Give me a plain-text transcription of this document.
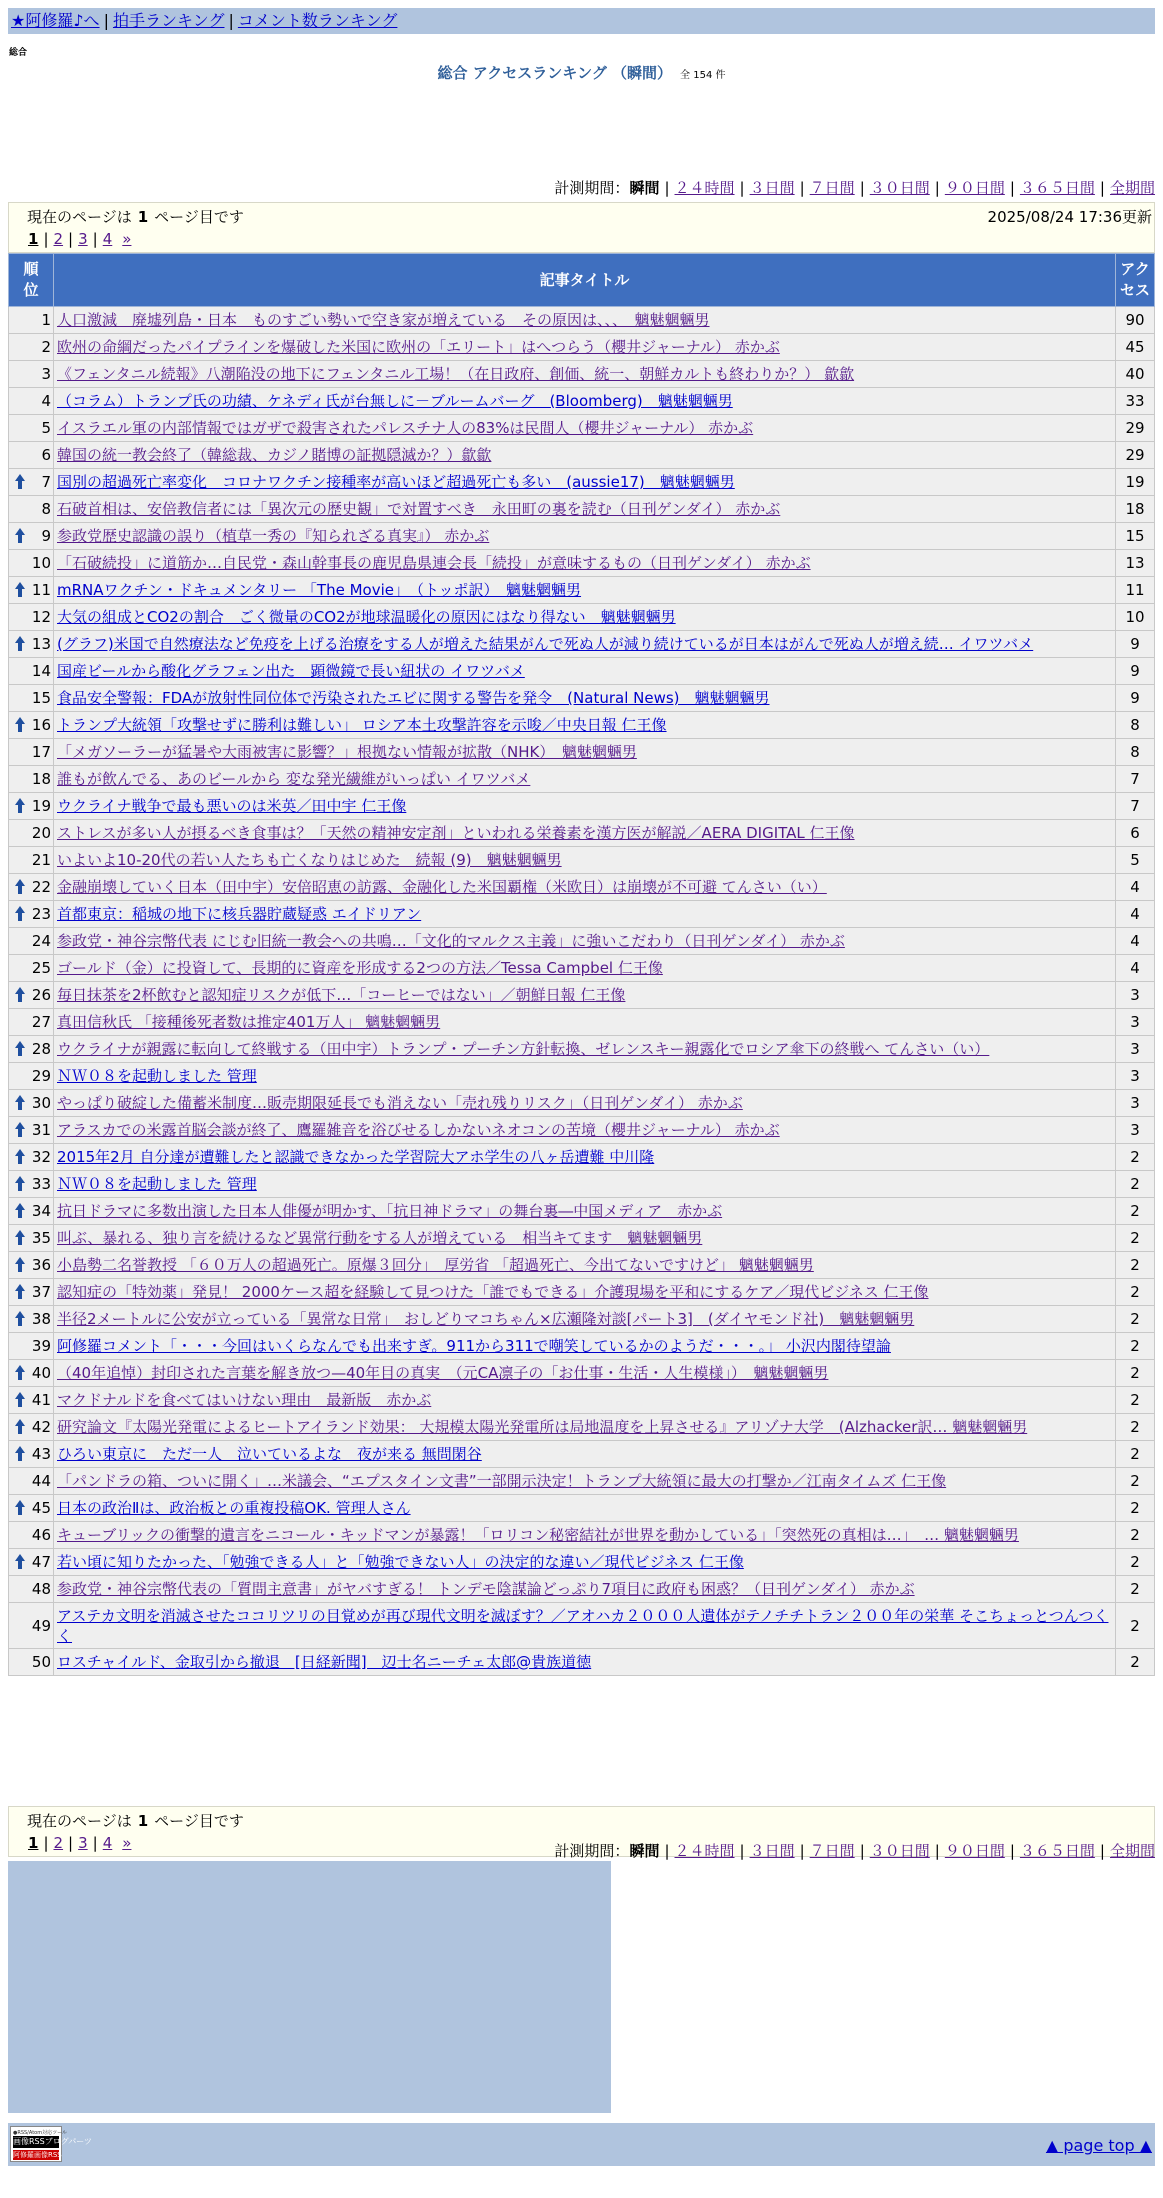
★阿修羅♪へ | 拍手ランキング | コメント数ランキング
総合
総合 アクセスランキング （瞬間） 全 154 件
計測期間：瞬間 | ２４時間 | ３日間 | ７日間 | ３０日間 | ９０日間 | ３６５日間 | 全期間
現在のページは 1 ページ目です	2025/08/24 17:36更新
1 | 2 | 3 | 4 »
順位	記事タイトル	アクセス
1	人口激減　廃墟列島・日本　ものすごい勢いで空き家が増えている　その原因は、、、　魑魅魍魎男	90
2	欧州の命綱だったパイプラインを爆破した米国に欧州の「エリート」はへつらう（櫻井ジャーナル） 赤かぶ	45
3	《フェンタニル続報》八潮陥没の地下にフェンタニル工場！（在日政府、創価、統一、朝鮮カルトも終わりか？） 歙歙	40
4	（コラム）トランプ氏の功績、ケネディ氏が台無しに－ブルームバーグ　(Bloomberg)　魑魅魍魎男	33
5	イスラエル軍の内部情報ではガザで殺害されたパレスチナ人の83%は民間人（櫻井ジャーナル） 赤かぶ	29
6	韓国の統一教会終了（韓総裁、カジノ賭博の証拠隠滅か？）歙歙	29

7	国別の超過死亡率変化　コロナワクチン接種率が高いほど超過死亡も多い　(aussie17)　魑魅魍魎男	19
8	石破首相は、安倍教信者には「異次元の歴史観」で対置すべき　永田町の裏を読む（日刊ゲンダイ） 赤かぶ	18

9	参政党歴史認識の誤り（植草一秀の『知られざる真実』） 赤かぶ	15
10	「石破続投」に道筋か…自民党・森山幹事長の鹿児島県連会長「続投」が意味するもの（日刊ゲンダイ） 赤かぶ	13

11	mRNAワクチン・ドキュメンタリー 「The Movie」　（トッポ訳）　魑魅魍魎男	11
12	大気の組成とCO2の割合　ごく微量のCO2が地球温暖化の原因にはなり得ない　魑魅魍魎男	10

13	(グラフ)米国で自然療法など免疫を上げる治療をする人が増えた結果がんで死ぬ人が減り続けているが日本はがんで死ぬ人が増え続… イワツバメ	9
14	国産ビールから酸化グラフェン出た　顕微鏡で長い紐状の イワツバメ	9
15	食品安全警報：FDAが放射性同位体で汚染されたエビに関する警告を発令　(Natural News)　魑魅魍魎男	9

16	トランプ大統領「攻撃せずに勝利は難しい」 ロシア本土攻撃許容を示唆／中央日報 仁王像	8
17	「メガソーラーが猛暑や大雨被害に影響？」根拠ない情報が拡散（NHK）　魑魅魍魎男	8
18	誰もが飲んでる、あのビールから 変な発光繊維がいっぱい イワツバメ	7

19	ウクライナ戦争で最も悪いのは米英／田中宇 仁王像	7
20	ストレスが多い人が摂るべき食事は？「天然の精神安定剤」といわれる栄養素を漢方医が解説／AERA DIGITAL 仁王像	6
21	いよいよ10-20代の若い人たちも亡くなりはじめた　続報 (9)　魑魅魍魎男	5

22	金融崩壊していく日本（田中宇）安倍昭恵の訪露、金融化した米国覇権（米欧日）は崩壊が不可避 てんさい（い）	4

23	首都東京：稲城の地下に核兵器貯蔵疑惑 エイドリアン	4
24	参政党・神谷宗幣代表 にじむ旧統一教会への共鳴…「文化的マルクス主義」に強いこだわり（日刊ゲンダイ） 赤かぶ	4
25	ゴールド（金）に投資して、長期的に資産を形成する2つの方法／Tessa Campbel 仁王像	4

26	毎日抹茶を2杯飲むと認知症リスクが低下…「コーヒーではない」／朝鮮日報 仁王像	3
27	真田信秋氏 「接種後死者数は推定401万人」 魑魅魍魎男	3

28	ウクライナが親露に転向して終戦する（田中宇）トランプ・プーチン方針転換、ゼレンスキー親露化でロシア傘下の終戦へ てんさい（い）	3
29	ＮＷ０８を起動しました 管理	3

30	やっぱり破綻した備蓄米制度…販売期限延長でも消えない「売れ残りリスク」（日刊ゲンダイ） 赤かぶ	3

31	アラスカでの米露首脳会談が終了、鷹羅雑音を浴びせるしかないネオコンの苦境（櫻井ジャーナル） 赤かぶ	3

32	2015年2月 自分達が遭難したと認識できなかった学習院大アホ学生の八ヶ岳遭難 中川隆	2

33	ＮＷ０８を起動しました 管理	2

34	抗日ドラマに多数出演した日本人俳優が明かす、「抗日神ドラマ」の舞台裏―中国メディア　赤かぶ	2

35	叫ぶ、暴れる、独り言を続けるなど異常行動をする人が増えている　相当キてます　魑魅魍魎男	2

36	小島勢二名誉教授 「６０万人の超過死亡。原爆３回分」　厚労省 「超過死亡、今出てないですけど」 魑魅魍魎男	2

37	認知症の「特効薬」発見！ 2000ケース超を経験して見つけた「誰でもできる」介護現場を平和にするケア／現代ビジネス 仁王像	2

38	半径2メートルに公安が立っている「異常な日常」　おしどりマコちゃん×広瀬隆対談[パート3]　(ダイヤモンド社)　魑魅魍魎男	2
39	阿修羅コメント「・・・今回はいくらなんでも出来すぎ。911から311で嘲笑しているかのようだ・・・。」 小沢内閣待望論	2

40	（40年追悼）封印された言葉を解き放つ—40年目の真実　（元CA凛子の「お仕事・生活・人生模様」）　魑魅魍魎男	2

41	マクドナルドを食べてはいけない理由　最新版　赤かぶ	2

42	研究論文『太陽光発電によるヒートアイランド効果： 大規模太陽光発電所は局地温度を上昇させる』アリゾナ大学　(Alzhacker訳… 魑魅魍魎男	2

43	ひろい東京に　ただ一人　泣いているよな　夜が来る 無問閑谷	2
44	「パンドラの箱、ついに開く」…米議会、“エプスタイン文書”一部開示決定！トランプ大統領に最大の打撃か／江南タイムズ 仁王像	2

45	日本の政治Ⅱは、政治板との重複投稿OK. 管理人さん	2
46	キューブリックの衝撃的遺言をニコール・キッドマンが暴露！「ロリコン秘密結社が世界を動かしている」「突然死の真相は…」　… 魑魅魍魎男	2

47	若い頃に知りたかった、「勉強できる人」と「勉強できない人」の決定的な違い／現代ビジネス 仁王像	2
48	参政党・神谷宗幣代表の「質問主意書」がヤバすぎる！ トンデモ陰謀論どっぷり7項目に政府も困惑？（日刊ゲンダイ） 赤かぶ	2
49	アステカ文明を消滅させたココリツリの目覚めが再び現代文明を滅ぼす？／アオハカ２０００人遺体がテノチチトラン２００年の栄華 そこちょっとつんつくく	2
50	ロスチャイルド、金取引から撤退　[日経新聞]　辺士名ニーチェ太郎@貴族道徳	2
現在のページは 1 ページ目です
1 | 2 | 3 | 4 »	計測期間：瞬間 | ２４時間 | ３日間 | ７日間 | ３０日間 | ９０日間 | ３６５日間 | 全期間
●RSS/Atom対応ツール
画像RSSブログパーツ
阿修羅画像RSS	▲ page top ▲
